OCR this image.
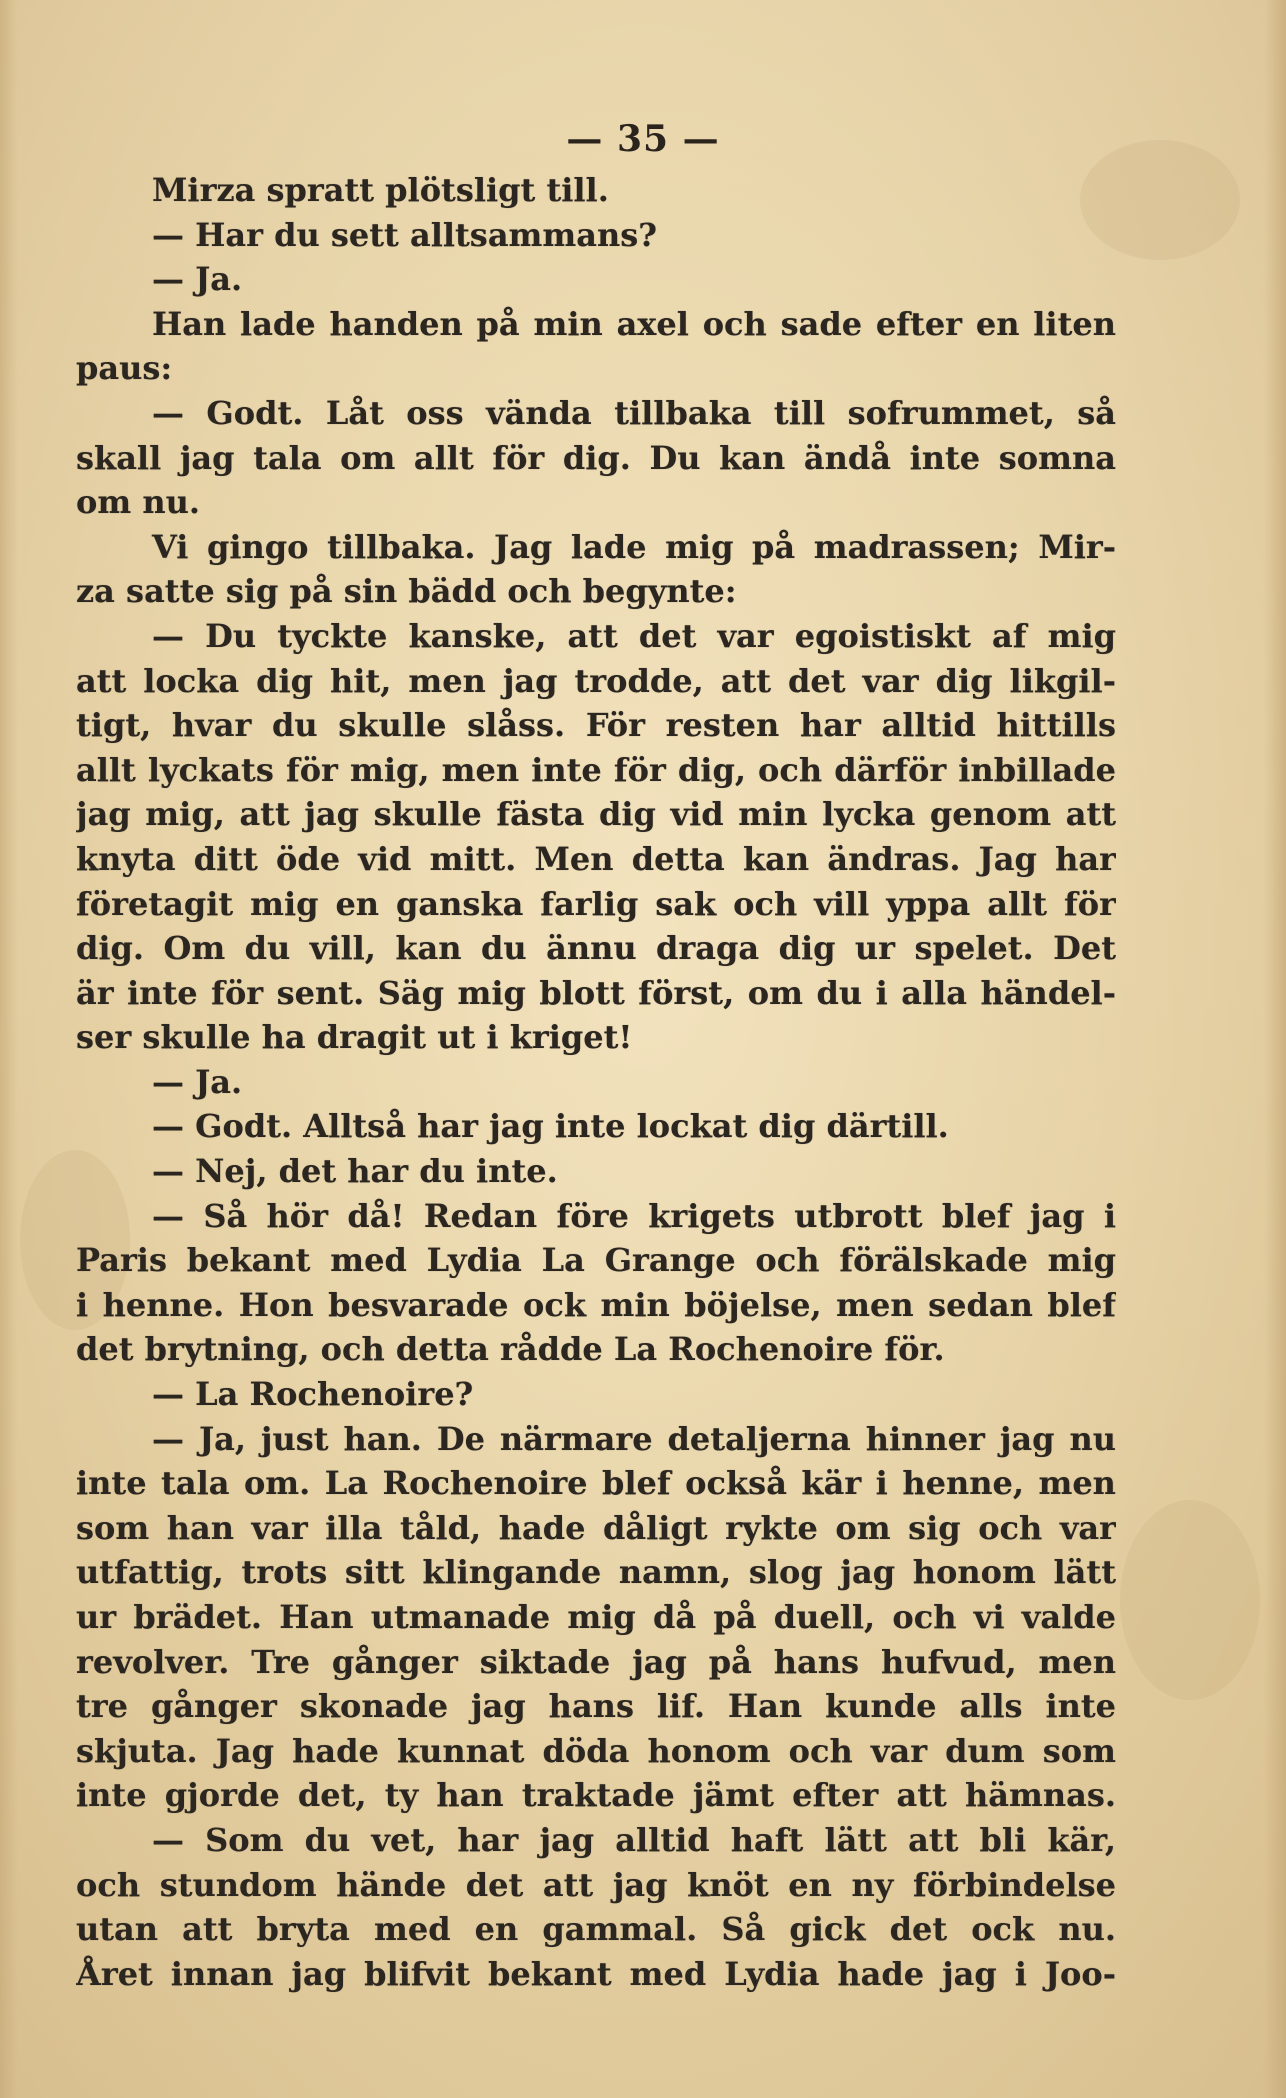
— 35 —
Mirza spratt plötsligt till.
— Har du sett alltsammans?
— Ja.
Han lade handen på min axel och sade efter en liten
paus:
— Godt. Låt oss vända tillbaka till sofrummet, så
skall jag tala om allt för dig. Du kan ändå inte somna
om nu.
Vi gingo tillbaka. Jag lade mig på madrassen; Mir-
za satte sig på sin bädd och begynte:
— Du tyckte kanske, att det var egoistiskt af mig
att locka dig hit, men jag trodde, att det var dig likgil-
tigt, hvar du skulle slåss. För resten har alltid hittills
allt lyckats för mig, men inte för dig, och därför inbillade
jag mig, att jag skulle fästa dig vid min lycka genom att
knyta ditt öde vid mitt. Men detta kan ändras. Jag har
företagit mig en ganska farlig sak och vill yppa allt för
dig. Om du vill, kan du ännu draga dig ur spelet. Det
är inte för sent. Säg mig blott först, om du i alla händel-
ser skulle ha dragit ut i kriget!
— Ja.
— Godt. Alltså har jag inte lockat dig därtill.
— Nej, det har du inte.
— Så hör då! Redan före krigets utbrott blef jag i
Paris bekant med Lydia La Grange och förälskade mig
i henne. Hon besvarade ock min böjelse, men sedan blef
det brytning, och detta rådde La Rochenoire för.
— La Rochenoire?
— Ja, just han. De närmare detaljerna hinner jag nu
inte tala om. La Rochenoire blef också kär i henne, men
som han var illa tåld, hade dåligt rykte om sig och var
utfattig, trots sitt klingande namn, slog jag honom lätt
ur brädet. Han utmanade mig då på duell, och vi valde
revolver. Tre gånger siktade jag på hans hufvud, men
tre gånger skonade jag hans lif. Han kunde alls inte
skjuta. Jag hade kunnat döda honom och var dum som
inte gjorde det, ty han traktade jämt efter att hämnas.
— Som du vet, har jag alltid haft lätt att bli kär,
och stundom hände det att jag knöt en ny förbindelse
utan att bryta med en gammal. Så gick det ock nu.
Året innan jag blifvit bekant med Lydia hade jag i Joo-
